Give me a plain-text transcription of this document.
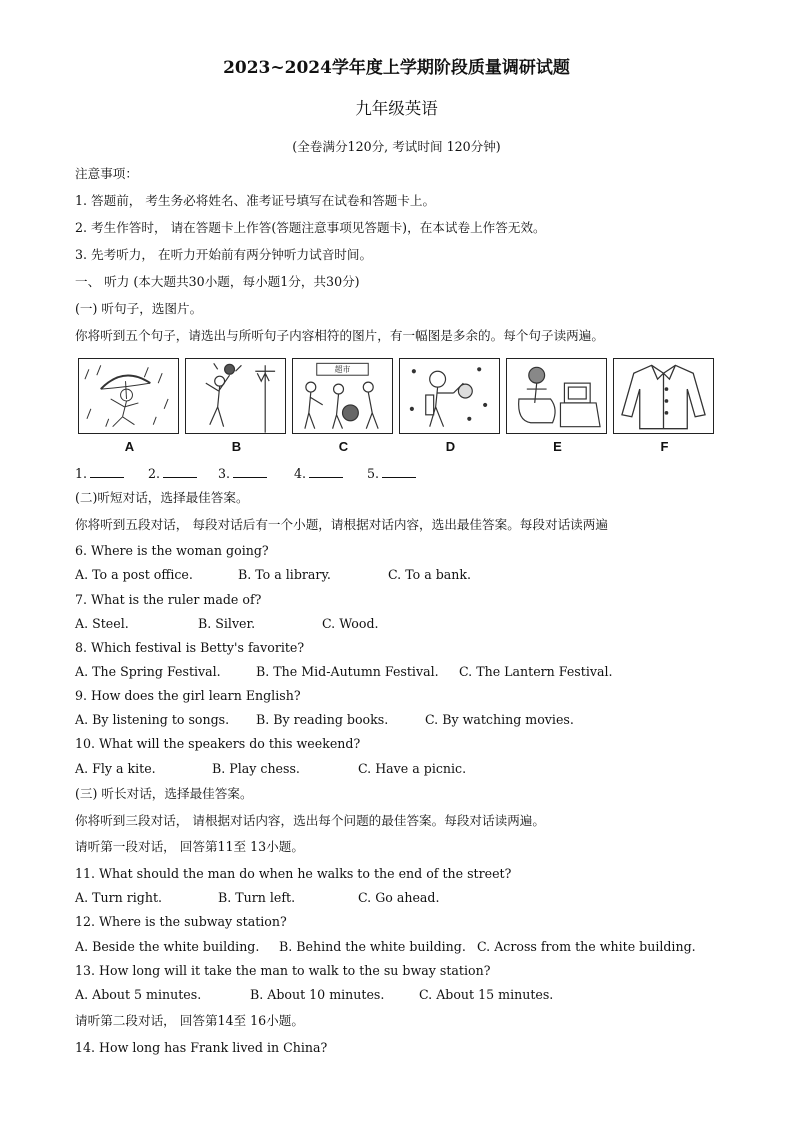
2023~2024学年度上学期阶段质量调研试题
九年级英语
(全卷满分120分, 考试时间 120分钟)
注意事项：
1. 答题前， 考生务必将姓名、准考证号填写在试卷和答题卡上。
2. 考生作答时， 请在答题卡上作答(答题注意事项见答题卡)，在本试卷上作答无效。
3. 先考听力， 在听力开始前有两分钟听力试音时间。
一、 听力 (本大题共30小题，每小题1分，共30分)
(一) 听句子，选图片。
你将听到五个句子，请选出与所听句子内容相符的图片，有一幅图是多余的。每个句子读两遍。
A	B
超市
C	D	E	F
1.	2.	3.	4.	5.
(二)听短对话，选择最佳答案。
你将听到五段对话， 每段对话后有一个小题，请根据对话内容，选出最佳答案。每段对话读两遍
6. Where is the woman going?
A. To a post office.	B. To a library.	C. To a bank.
7. What is the ruler made of?
A. Steel.	B. Silver.	C. Wood.
8. Which festival is Betty's favorite?
A. The Spring Festival.	B. The Mid-Autumn Festival. C. The Lantern Festival.
9. How does the girl learn English?
A. By listening to songs. B. By reading books.	C. By watching movies.
10. What will the speakers do this weekend?
A. Fly a kite.	B. Play chess.	C. Have a picnic.
(三) 听长对话，选择最佳答案。
你将听到三段对话， 请根据对话内容，选出每个问题的最佳答案。每段对话读两遍。
请听第一段对话， 回答第11至 13小题。
11. What should the man do when he walks to the end of the street?
A. Turn right.	B. Turn left.	C. Go ahead.
12. Where is the subway station?
A. Beside the white building. B. Behind the white building. C. Across from the white building.
13. How long will it take the man to walk to the su bway station?
A. About 5 minutes.	B. About 10 minutes.	C. About 15 minutes.
请听第二段对话， 回答第14至 16小题。
14. How long has Frank lived in China?
